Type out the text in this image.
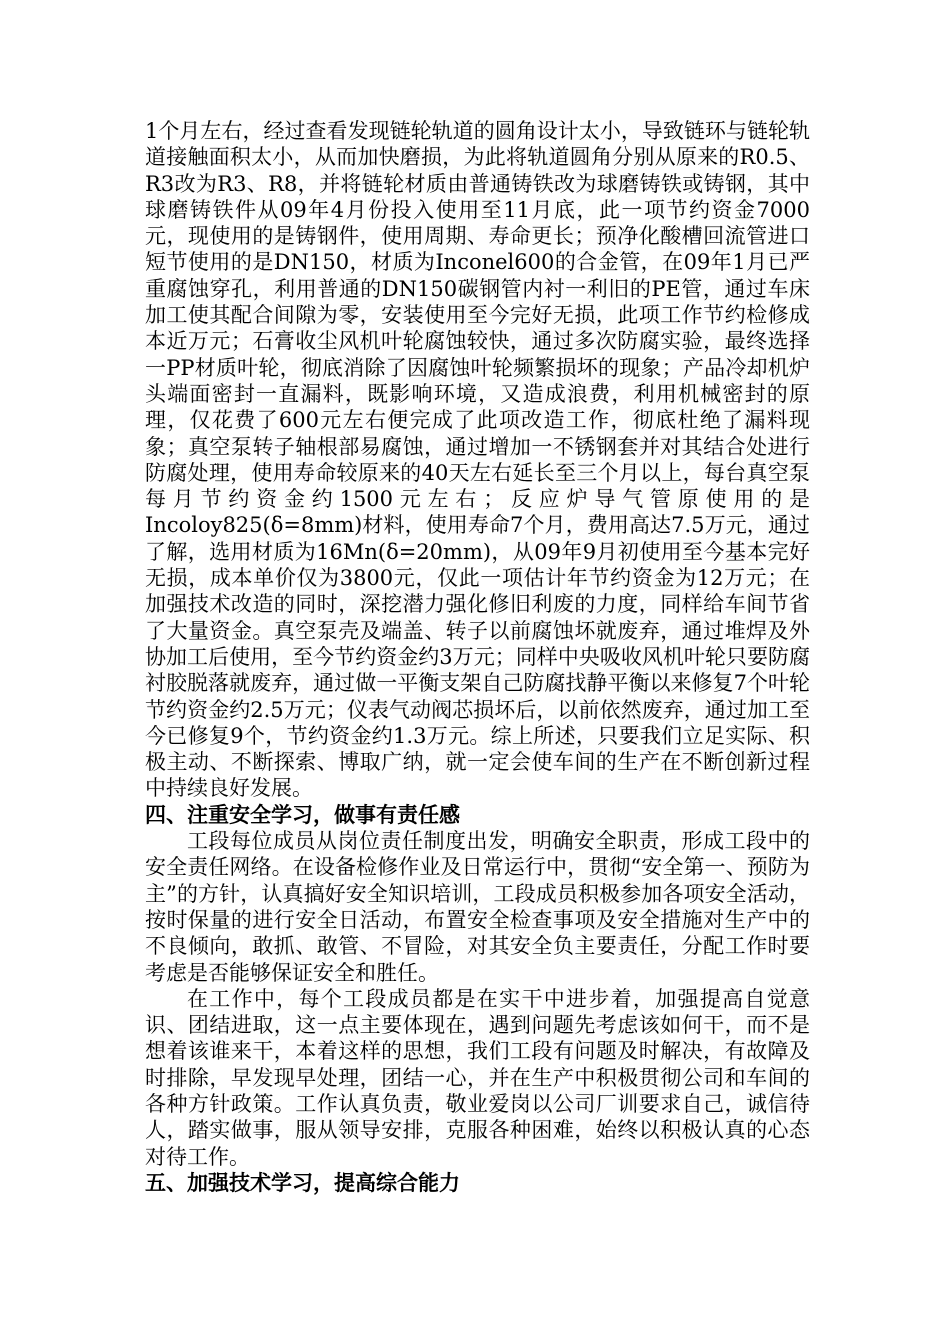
1个月左右，经过查看发现链轮轨道的圆角设计太小，导致链环与链轮轨道接触面积太小，从而加快磨损，为此将轨道圆角分别从原来的R0.5、R3改为R3、R8，并将链轮材质由普通铸铁改为球磨铸铁或铸钢，其中球磨铸铁件从09年4月份投入使用至11月底，此一项节约资金7000元，现使用的是铸钢件，使用周期、寿命更长；预净化酸槽回流管进口短节使用的是DN150，材质为Inconel600的合金管，在09年1月已严重腐蚀穿孔，利用普通的DN150碳钢管内衬一利旧的PE管，通过车床加工使其配合间隙为零，安装使用至今完好无损，此项工作节约检修成本近万元；石膏收尘风机叶轮腐蚀较快，通过多次防腐实验，最终选择一PP材质叶轮，彻底消除了因腐蚀叶轮频繁损坏的现象；产品冷却机炉头端面密封一直漏料，既影响环境，又造成浪费，利用机械密封的原理，仅花费了600元左右便完成了此项改造工作，彻底杜绝了漏料现象；真空泵转子轴根部易腐蚀，通过增加一不锈钢套并对其结合处进行防腐处理，使用寿命较原来的40天左右延长至三个月以上，每台真空泵每月节约资金约1500元左右；反应炉导气管原使用的是Incoloy825(δ=8mm)材料，使用寿命7个月，费用高达7.5万元，通过了解，选用材质为16Mn(δ=20mm)，从09年9月初使用至今基本完好无损，成本单价仅为3800元，仅此一项估计年节约资金为12万元；在加强技术改造的同时，深挖潜力强化修旧利废的力度，同样给车间节省了大量资金。真空泵壳及端盖、转子以前腐蚀坏就废弃，通过堆焊及外协加工后使用，至今节约资金约3万元；同样中央吸收风机叶轮只要防腐衬胶脱落就废弃，通过做一平衡支架自己防腐找静平衡以来修复7个叶轮节约资金约2.5万元；仪表气动阀芯损坏后，以前依然废弃，通过加工至今已修复9个，节约资金约1.3万元。综上所述，只要我们立足实际、积极主动、不断探索、博取广纳，就一定会使车间的生产在不断创新过程中持续良好发展。

四、注重安全学习，做事有责任感

工段每位成员从岗位责任制度出发，明确安全职责，形成工段中的安全责任网络。在设备检修作业及日常运行中，贯彻“安全第一、预防为主”的方针，认真搞好安全知识培训，工段成员积极参加各项安全活动，按时保量的进行安全日活动，布置安全检查事项及安全措施对生产中的不良倾向，敢抓、敢管、不冒险，对其安全负主要责任，分配工作时要考虑是否能够保证安全和胜任。

在工作中，每个工段成员都是在实干中进步着，加强提高自觉意识、团结进取，这一点主要体现在，遇到问题先考虑该如何干，而不是想着该谁来干，本着这样的思想，我们工段有问题及时解决，有故障及时排除，早发现早处理，团结一心，并在生产中积极贯彻公司和车间的各种方针政策。工作认真负责，敬业爱岗以公司厂训要求自己，诚信待人，踏实做事，服从领导安排，克服各种困难，始终以积极认真的心态对待工作。

五、加强技术学习，提高综合能力
